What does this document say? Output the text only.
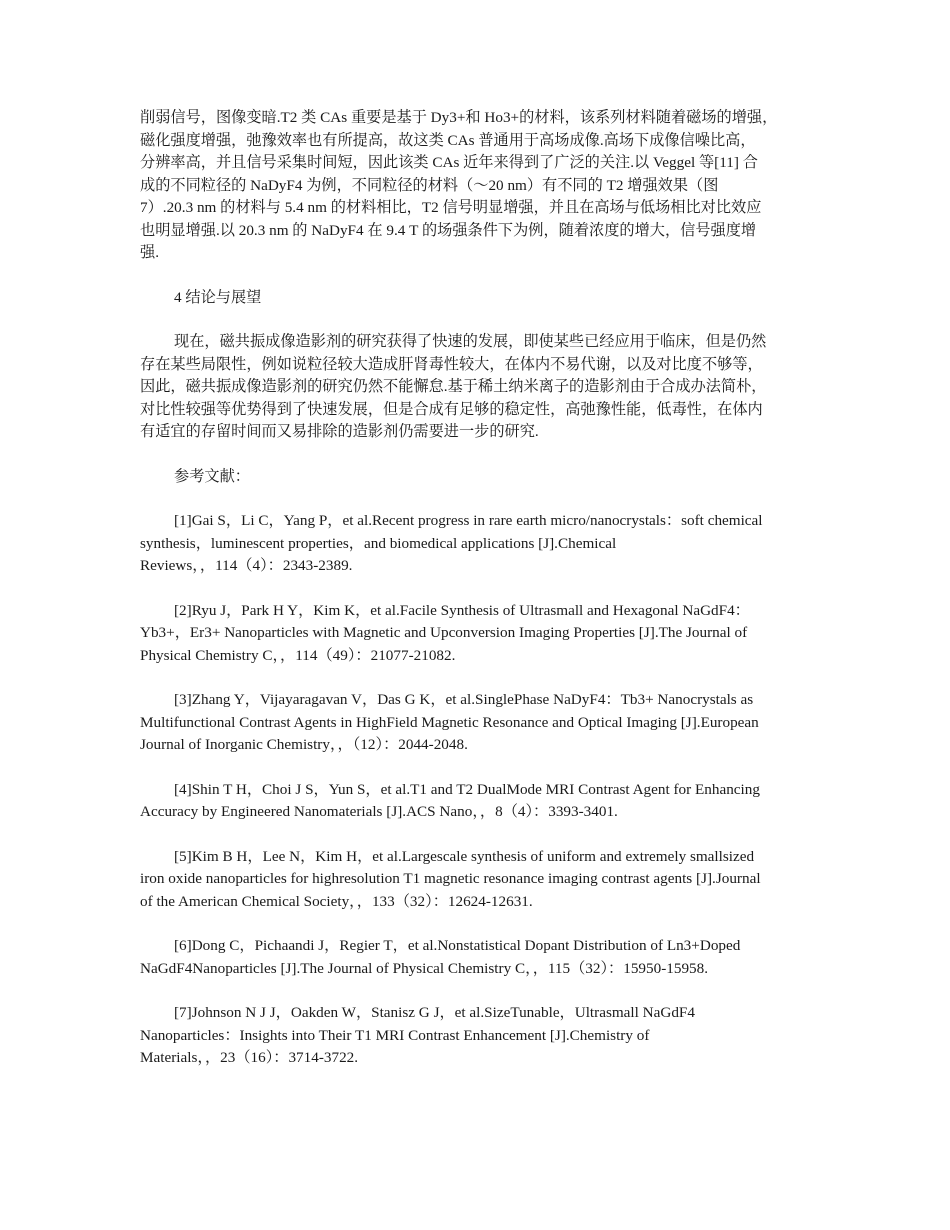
削弱信号，图像变暗.T2 类 CAs 重要是基于 Dy3+和 Ho3+的材料，该系列材料随着磁场的增强，
磁化强度增强，弛豫效率也有所提高，故这类 CAs 普通用于高场成像.高场下成像信噪比高，
分辨率高，并且信号采集时间短，因此该类 CAs 近年来得到了广泛的关注.以 Veggel 等[11] 合
成的不同粒径的 NaDyF4 为例，不同粒径的材料（～20 nm）有不同的 T2 增强效果（图
7）.20.3 nm 的材料与 5.4 nm 的材料相比，T2 信号明显增强，并且在高场与低场相比对比效应
也明显增强.以 20.3 nm 的 NaDyF4 在 9.4 T 的场强条件下为例，随着浓度的增大，信号强度增
强.

4 结论与展望

现在，磁共振成像造影剂的研究获得了快速的发展，即使某些已经应用于临床，但是仍然
存在某些局限性，例如说粒径较大造成肝肾毒性较大，在体内不易代谢，以及对比度不够等，
因此，磁共振成像造影剂的研究仍然不能懈怠.基于稀土纳米离子的造影剂由于合成办法简朴，
对比性较强等优势得到了快速发展，但是合成有足够的稳定性，高弛豫性能，低毒性，在体内
有适宜的存留时间而又易排除的造影剂仍需要进一步的研究.

参考文献：

[1]Gai S，Li C，Yang P，et al.Recent progress in rare earth micro/nanocrystals：soft chemical
synthesis，luminescent properties，and biomedical applications [J].Chemical
Reviews，，114（4）：2343-2389.
[2]Ryu J，Park H Y，Kim K，et al.Facile Synthesis of Ultrasmall and Hexagonal NaGdF4：
Yb3+，Er3+ Nanoparticles with Magnetic and Upconversion Imaging Properties [J].The Journal of
Physical Chemistry C，，114（49）：21077-21082.
[3]Zhang Y，Vijayaragavan V，Das G K，et al.SinglePhase NaDyF4：Tb3+ Nanocrystals as
Multifunctional Contrast Agents in HighField Magnetic Resonance and Optical Imaging [J].European
Journal of Inorganic Chemistry，，（12）：2044-2048.
[4]Shin T H，Choi J S，Yun S，et al.T1 and T2 DualMode MRI Contrast Agent for Enhancing
Accuracy by Engineered Nanomaterials [J].ACS Nano，，8（4）：3393-3401.
[5]Kim B H，Lee N，Kim H，et al.Largescale synthesis of uniform and extremely smallsized
iron oxide nanoparticles for highresolution T1 magnetic resonance imaging contrast agents [J].Journal
of the American Chemical Society，，133（32）：12624-12631.
[6]Dong C，Pichaandi J，Regier T，et al.Nonstatistical Dopant Distribution of Ln3+Doped
NaGdF4Nanoparticles [J].The Journal of Physical Chemistry C，，115（32）：15950-15958.
[7]Johnson N J J，Oakden W，Stanisz G J，et al.SizeTunable，Ultrasmall NaGdF4
Nanoparticles：Insights into Their T1 MRI Contrast Enhancement [J].Chemistry of
Materials，，23（16）：3714-3722.
